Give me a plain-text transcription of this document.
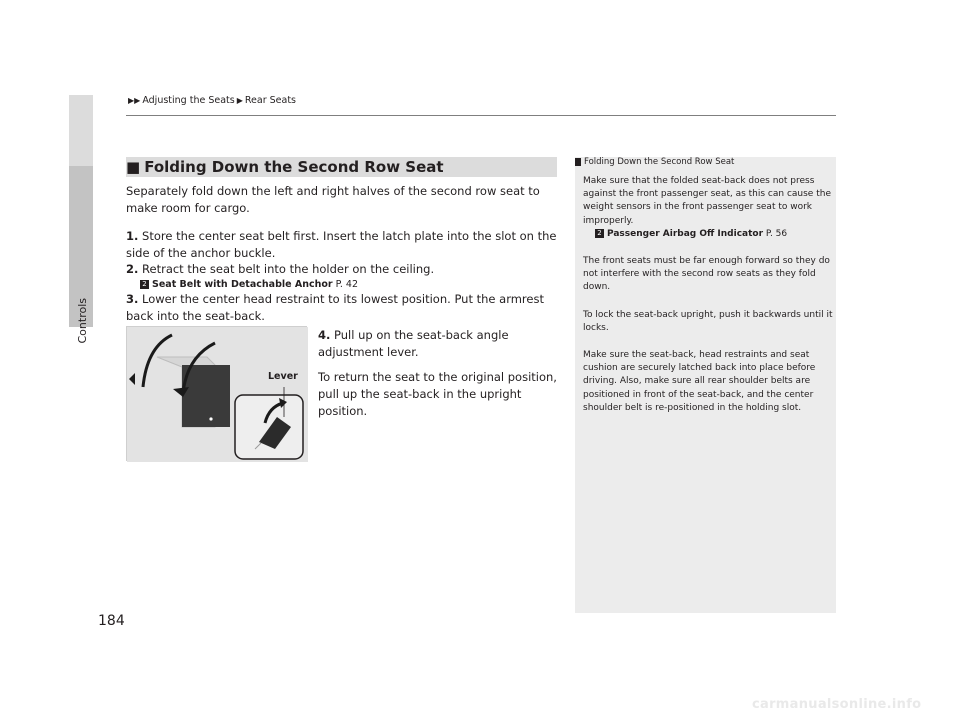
Controls
▶▶ Adjusting the Seats ▶ Rear Seats
■ Folding Down the Second Row Seat
Separately fold down the left and right halves of the second row seat to make room for cargo.
1. Store the center seat belt first. Insert the latch plate into the slot on the side of the anchor buckle.
2. Retract the seat belt into the holder on the ceiling.
2 Seat Belt with Detachable Anchor P. 42
3. Lower the center head restraint to its lowest position. Put the armrest back into the seat-back.
4. Pull up on the seat-back angle adjustment lever.
To return the seat to the original position, pull up the seat-back in the upright position.
Lever
Folding Down the Second Row Seat
Make sure that the folded seat-back does not press against the front passenger seat, as this can cause the weight sensors in the front passenger seat to work improperly.
2 Passenger Airbag Off Indicator P. 56
The front seats must be far enough forward so they do not interfere with the second row seats as they fold down.
To lock the seat-back upright, push it backwards until it locks.
Make sure the seat-back, head restraints and seat cushion are securely latched back into place before driving. Also, make sure all rear shoulder belts are positioned in front of the seat-back, and the center shoulder belt is re-positioned in the holding slot.
184
carmanualsonline.info
